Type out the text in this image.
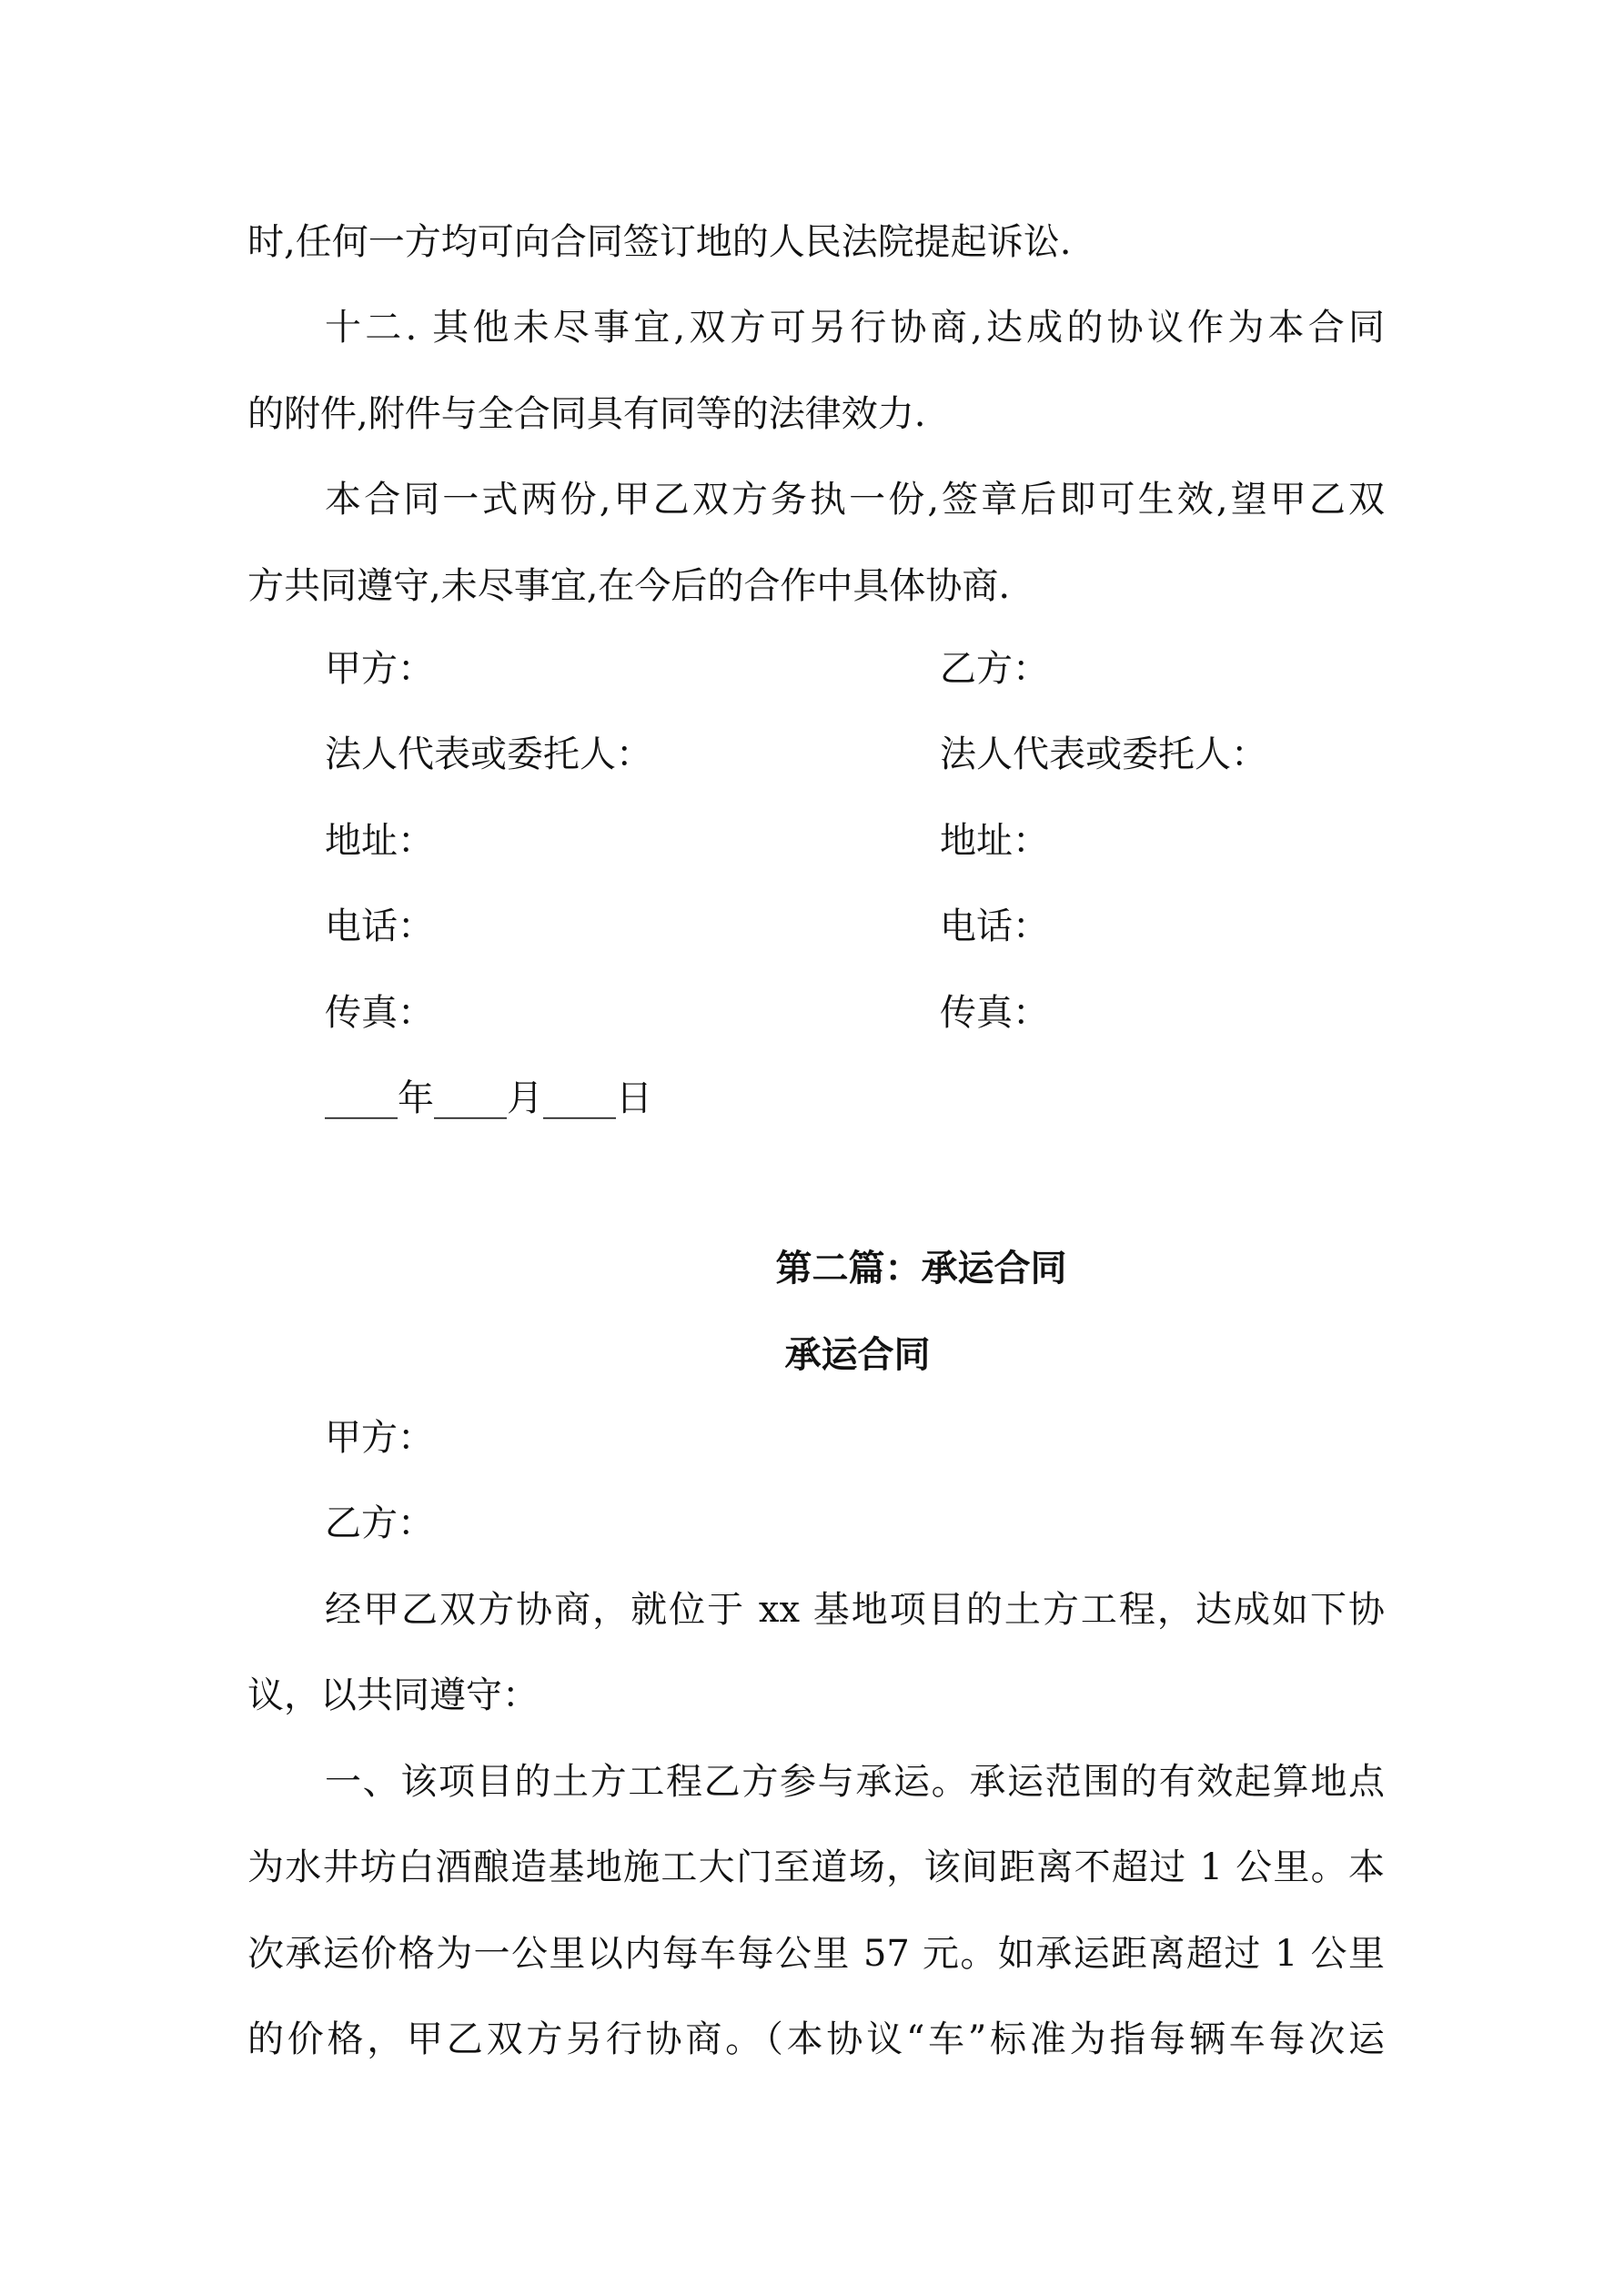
时,任何一方均可向合同签订地的人民法院提起诉讼.

十二. 其他未尽事宜,双方可另行协商,达成的协议作为本合同

的附件,附件与全合同具有同等的法律效力.

本合同一式两份,甲乙双方务执一份,签章后即可生效,望甲乙双

方共同遵守,未尽事宜,在今后的合作中具体协商.

甲方：	乙方：
法人代表或委托人：	法人代表或委托人：
地址：	地址：
电话：	电话：
传真：	传真：
____年____月____日
第二篇：承运合同
承运合同
甲方：
乙方：

经甲乙双方协商，就位于 xx 基地项目的土方工程，达成如下协

议，以共同遵守：

一、该项目的土方工程乙方参与承运。承运范围的有效起算地点

为水井坊白酒酿造基地施工大门至道场，该间距离不超过 1 公里。本

次承运价格为一公里以内每车每公里 57 元。如承运距离超过 1 公里

的价格，甲乙双方另行协商。（本协议“车”标准为指每辆车每次运
